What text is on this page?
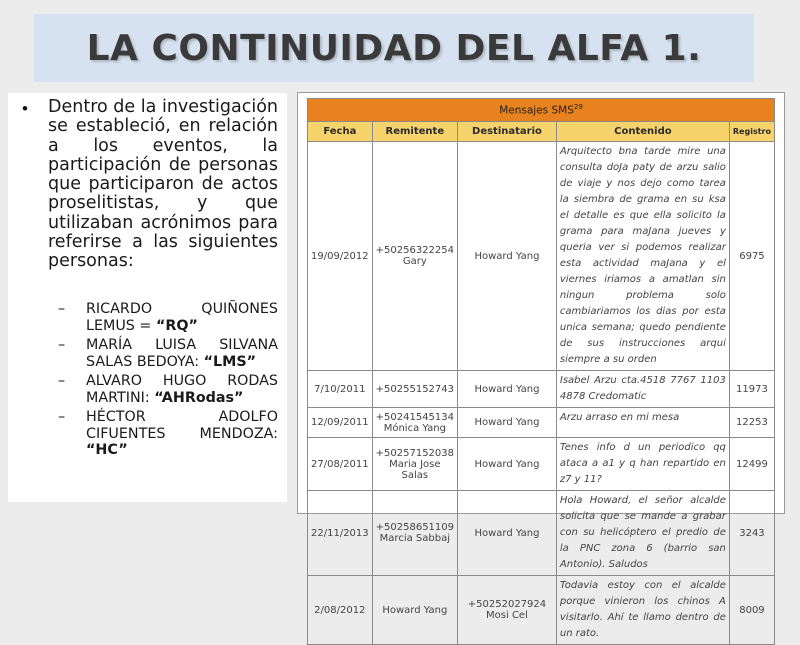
LA CONTINUIDAD DEL ALFA 1.
• Dentro de la investigación se estableció, en relación a los eventos, la participación de personas que participaron de actos proselitistas, y que utilizaban acrónimos para referirse a las siguientes personas:
– RICARDO QUIÑONES LEMUS = “RQ”
– MARÍA LUISA SILVANA SALAS BEDOYA: “LMS”
– ALVARO HUGO RODAS MARTINI: “AHRodas”
– HÉCTOR ADOLFO CIFUENTES MENDOZA: “HC”
Mensajes SMS$^{29}$
Fecha	Remitente	Destinatario	Contenido	Registro
19/09/2012	+50256322254 Gary	Howard Yang	Arquitecto bna tarde mire una consulta doJa paty de arzu salio de viaje y nos dejo como tarea la siembra de grama en su ksa el detalle es que ella solicito la grama para maJana jueves y queria ver si podemos realizar esta actividad maJana y el viernes iriamos a amatlan sin ningun problema solo cambiariamos los dias por esta unica semana; quedo pendiente de sus instrucciones arqui siempre a su orden	6975
7/10/2011	+50255152743	Howard Yang	Isabel Arzu cta.4518 7767 1103 4878 Credomatic	11973
12/09/2011	+50241545134 Mónica Yang	Howard Yang	Arzu arraso en mi mesa	12253
27/08/2011	+50257152038 Maria Jose Salas	Howard Yang	Tenes info d un periodico qq ataca a a1 y q han repartido en z7 y 11?	12499
22/11/2013	+50258651109 Marcia Sabbaj	Howard Yang	Hola Howard, el señor alcalde solicita que se mande a grabar con su helicóptero el predio de la PNC zona 6 (barrio san Antonio). Saludos	3243
2/08/2012	Howard Yang	+50252027924 Mosi Cel	Todavia estoy con el alcalde porque vinieron los chinos A visitarlo. Ahí te llamo dentro de un rato.	8009
